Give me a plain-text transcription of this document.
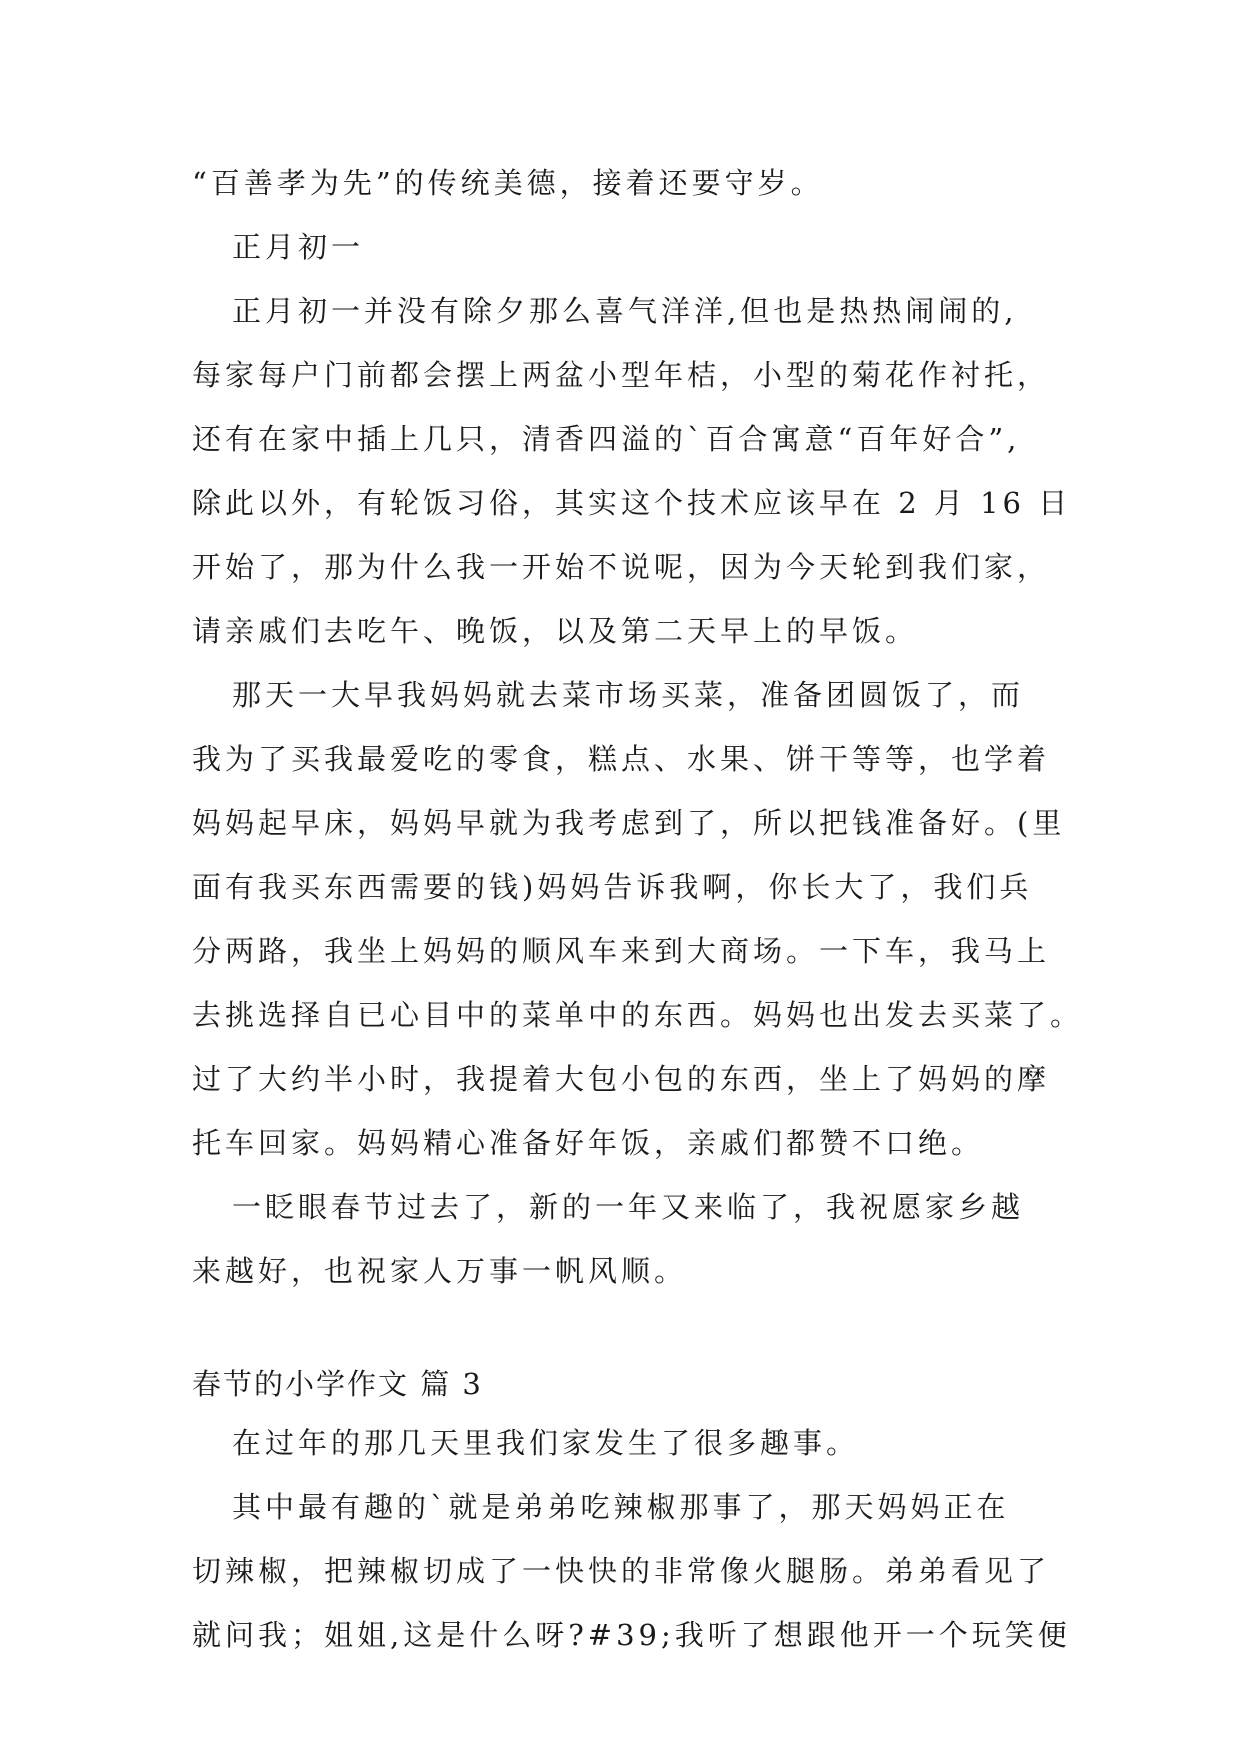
“百善孝为先”的传统美德，接着还要守岁。
正月初一
正月初一并没有除夕那么喜气洋洋,但也是热热闹闹的,
每家每户门前都会摆上两盆小型年桔，小型的菊花作衬托，
还有在家中插上几只，清香四溢的`百合寓意“百年好合”,
除此以外，有轮饭习俗，其实这个技术应该早在 2 月 16 日
开始了，那为什么我一开始不说呢，因为今天轮到我们家，
请亲戚们去吃午、晚饭，以及第二天早上的早饭。
那天一大早我妈妈就去菜市场买菜，准备团圆饭了，而
我为了买我最爱吃的零食，糕点、水果、饼干等等，也学着
妈妈起早床，妈妈早就为我考虑到了，所以把钱准备好。(里
面有我买东西需要的钱)妈妈告诉我啊，你长大了，我们兵
分两路，我坐上妈妈的顺风车来到大商场。一下车，我马上
去挑选择自已心目中的菜单中的东西。妈妈也出发去买菜了。
过了大约半小时，我提着大包小包的东西，坐上了妈妈的摩
托车回家。妈妈精心准备好年饭，亲戚们都赞不口绝。
一眨眼春节过去了，新的一年又来临了，我祝愿家乡越
来越好，也祝家人万事一帆风顺。
春节的小学作文 篇 3
在过年的那几天里我们家发生了很多趣事。
其中最有趣的`就是弟弟吃辣椒那事了，那天妈妈正在
切辣椒，把辣椒切成了一快快的非常像火腿肠。弟弟看见了
就问我；姐姐,这是什么呀?#39;我听了想跟他开一个玩笑便
